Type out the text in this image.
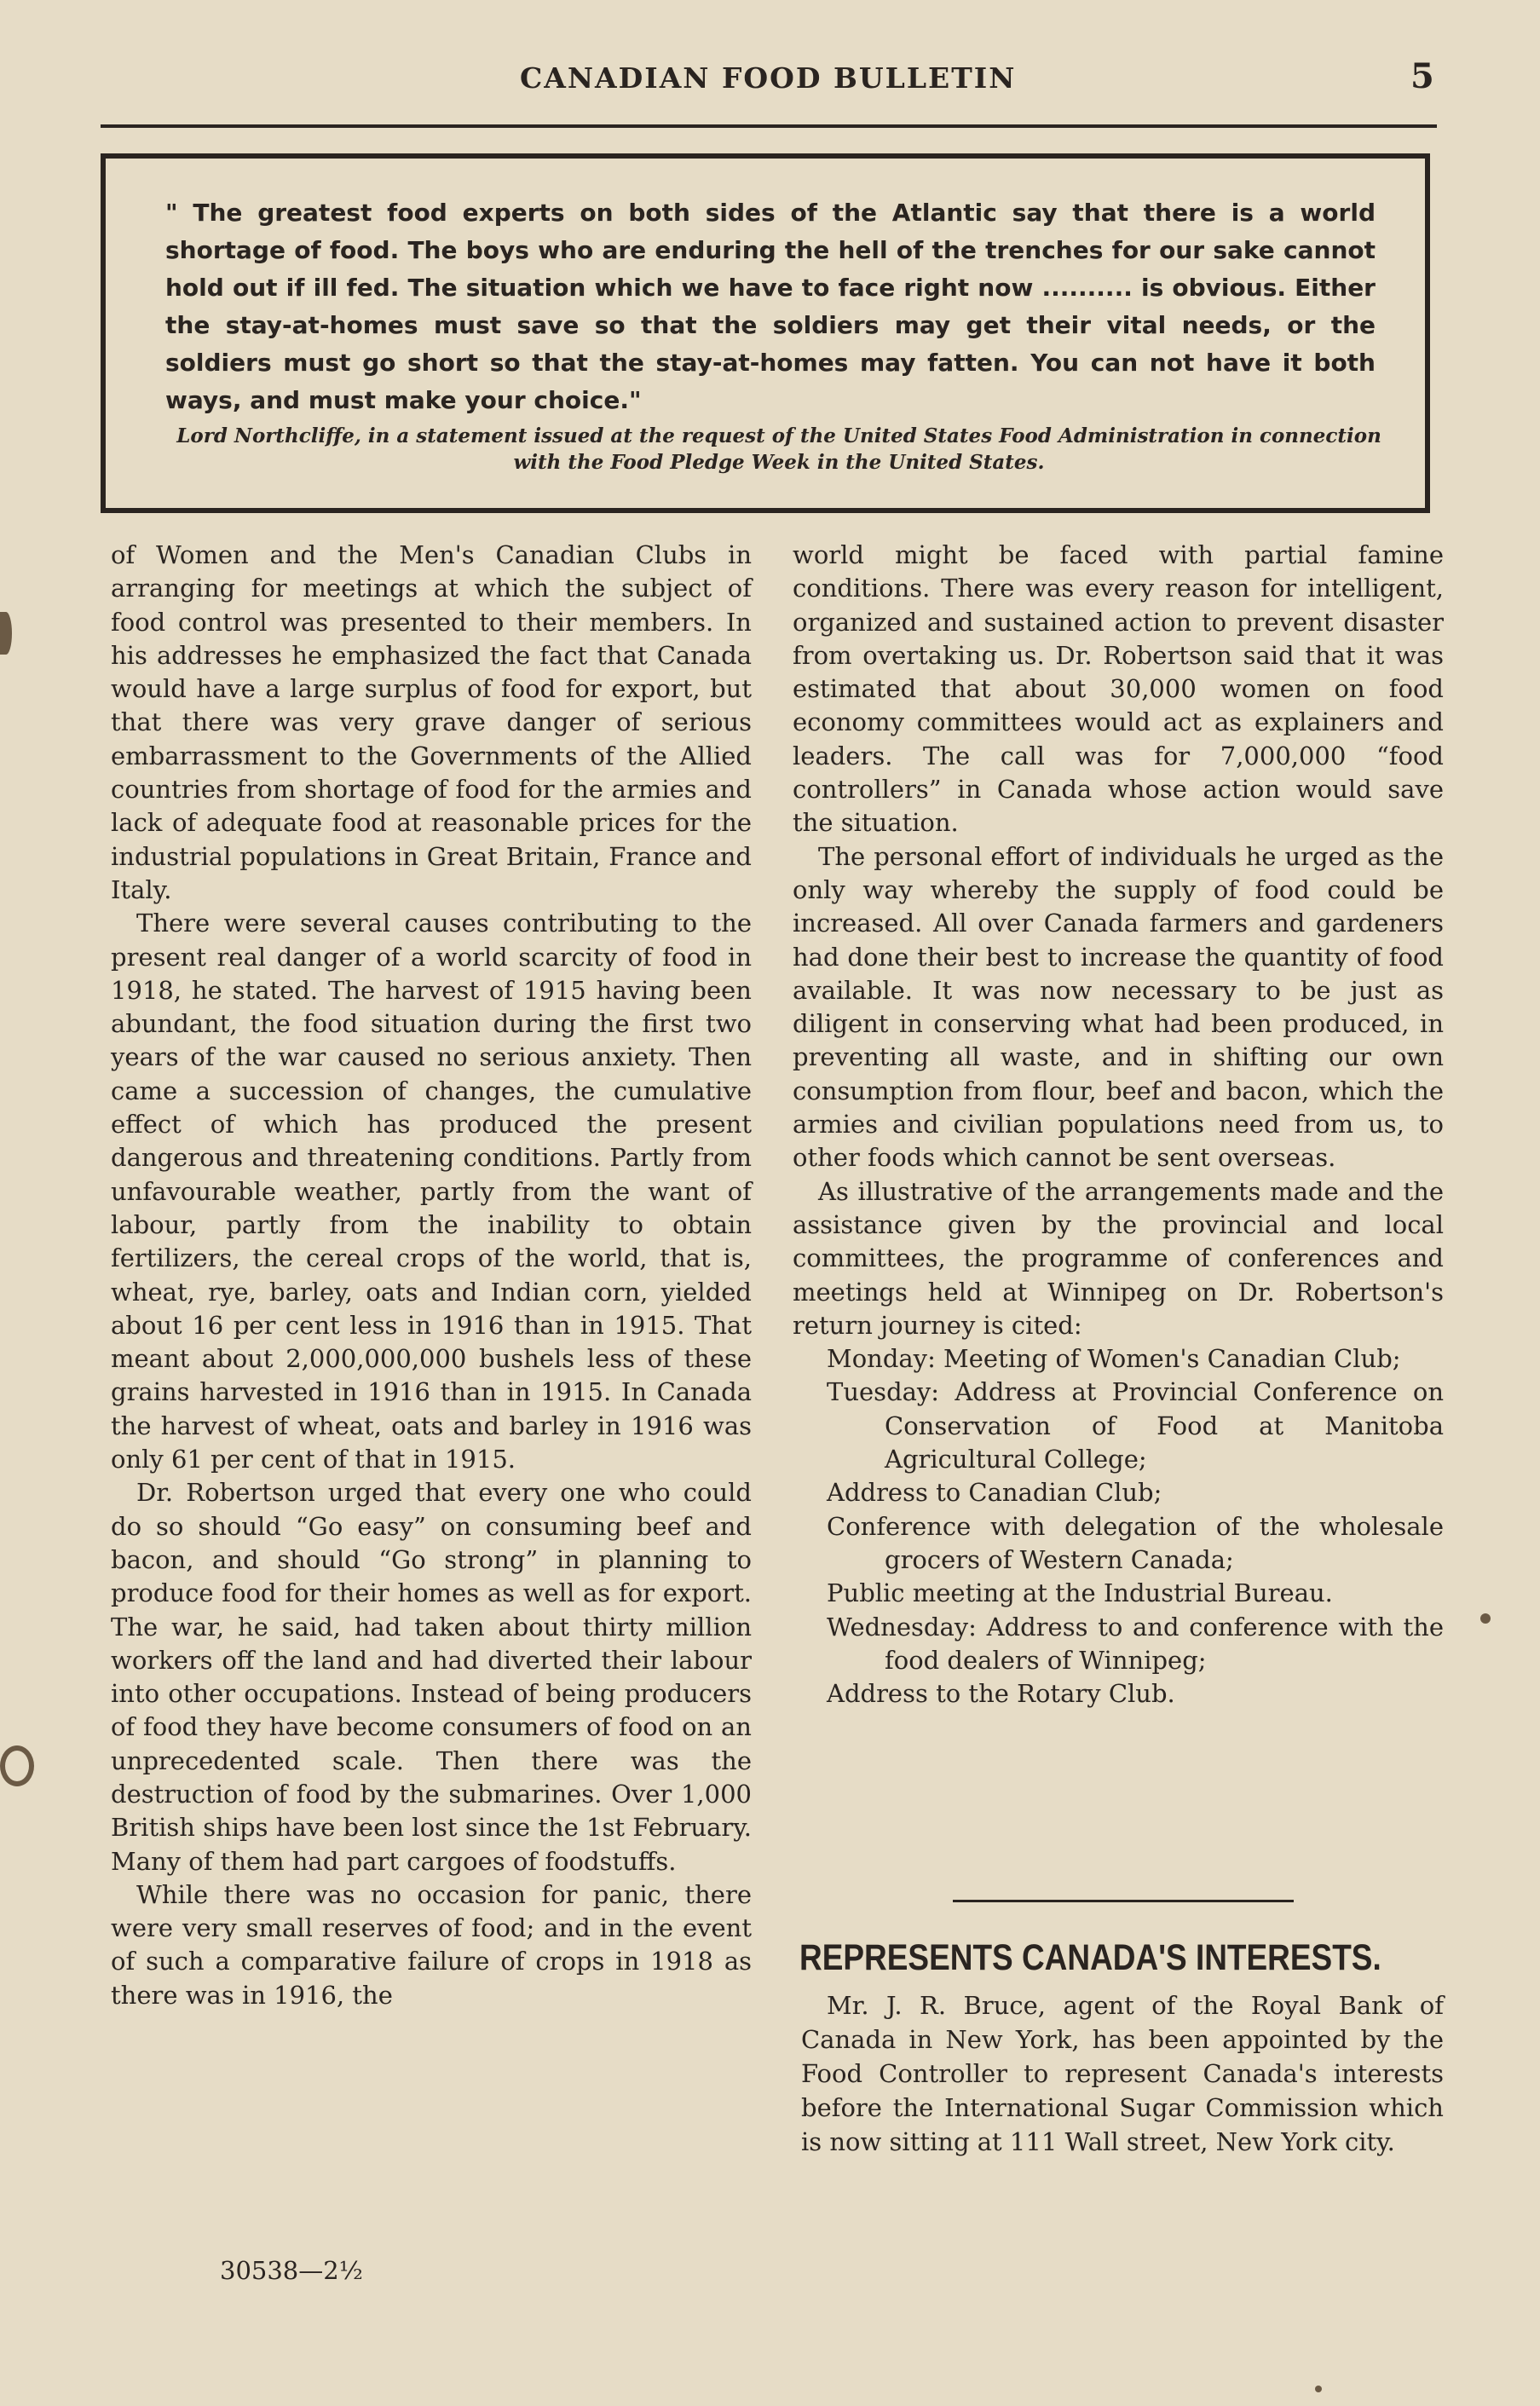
CANADIAN FOOD BULLETIN	5

" The greatest food experts on both sides of the Atlantic say that there is a world shortage of food. The boys who are enduring the hell of the trenches for our sake cannot hold out if ill fed. The situation which we have to face right now .......... is obvious. Either the stay-at-homes must save so that the soldiers may get their vital needs, or the soldiers must go short so that the stay-at-homes may fatten. You can not have it both ways, and must make your choice."

Lord Northcliffe, in a statement issued at the request of the United States Food Administration in connection with the Food Pledge Week in the United States.

of Women and the Men's Canadian Clubs in arranging for meetings at which the subject of food control was presented to their members. In his addresses he emphasized the fact that Canada would have a large surplus of food for export, but that there was very grave danger of serious embarrassment to the Governments of the Allied countries from shortage of food for the armies and lack of adequate food at reasonable prices for the industrial populations in Great Britain, France and Italy.

There were several causes contributing to the present real danger of a world scarcity of food in 1918, he stated. The harvest of 1915 having been abundant, the food situation during the first two years of the war caused no serious anxiety. Then came a succession of changes, the cumulative effect of which has produced the present dangerous and threatening conditions. Partly from unfavourable weather, partly from the want of labour, partly from the inability to obtain fertilizers, the cereal crops of the world, that is, wheat, rye, barley, oats and Indian corn, yielded about 16 per cent less in 1916 than in 1915. That meant about 2,000,000,000 bushels less of these grains harvested in 1916 than in 1915. In Canada the harvest of wheat, oats and barley in 1916 was only 61 per cent of that in 1915.

Dr. Robertson urged that every one who could do so should “Go easy” on consuming beef and bacon, and should “Go strong” in planning to produce food for their homes as well as for export. The war, he said, had taken about thirty million workers off the land and had diverted their labour into other occupations. Instead of being producers of food they have become consumers of food on an unprecedented scale. Then there was the destruction of food by the submarines. Over 1,000 British ships have been lost since the 1st February. Many of them had part cargoes of foodstuffs.

While there was no occasion for panic, there were very small reserves of food; and in the event of such a comparative failure of crops in 1918 as there was in 1916, the

world might be faced with partial famine conditions. There was every reason for intelligent, organized and sustained action to prevent disaster from overtaking us. Dr. Robertson said that it was estimated that about 30,000 women on food economy committees would act as explainers and leaders. The call was for 7,000,000 “food controllers” in Canada whose action would save the situation.

The personal effort of individuals he urged as the only way whereby the supply of food could be increased. All over Canada farmers and gardeners had done their best to increase the quantity of food available. It was now necessary to be just as diligent in conserving what had been produced, in preventing all waste, and in shifting our own consumption from flour, beef and bacon, which the armies and civilian populations need from us, to other foods which cannot be sent overseas.

As illustrative of the arrangements made and the assistance given by the provincial and local committees, the programme of conferences and meetings held at Winnipeg on Dr. Robertson's return journey is cited:

Monday: Meeting of Women's Canadian Club;
Tuesday: Address at Provincial Conference on Conservation of Food at Manitoba Agricultural College;
Address to Canadian Club;
Conference with delegation of the wholesale grocers of Western Canada;
Public meeting at the Industrial Bureau.
Wednesday: Address to and conference with the food dealers of Winnipeg;
Address to the Rotary Club.
REPRESENTS CANADA'S INTERESTS.

Mr. J. R. Bruce, agent of the Royal Bank of Canada in New York, has been appointed by the Food Controller to represent Canada's interests before the International Sugar Commission which is now sitting at 111 Wall street, New York city.

30538—2½
